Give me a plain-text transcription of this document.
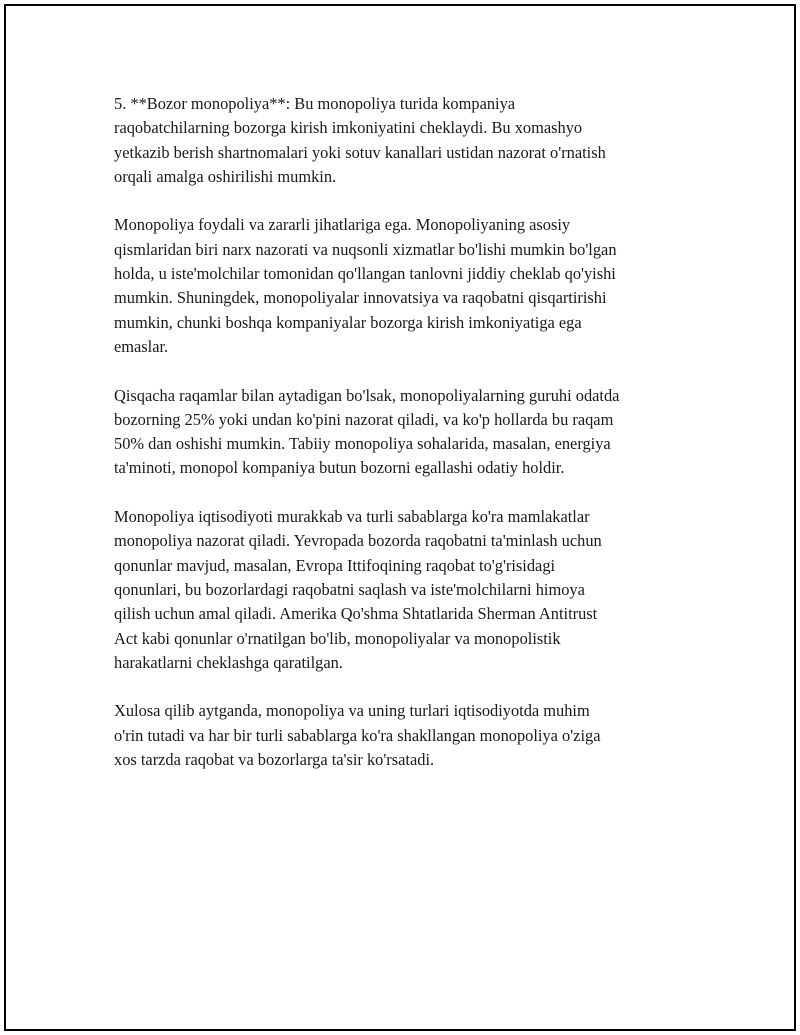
5. **Bozor monopoliya**: Bu monopoliya turida kompaniya
raqobatchilarning bozorga kirish imkoniyatini cheklaydi. Bu xomashyo
yetkazib berish shartnomalari yoki sotuv kanallari ustidan nazorat o'rnatish
orqali amalga oshirilishi mumkin.

Monopoliya foydali va zararli jihatlariga ega. Monopoliyaning asosiy
qismlaridan biri narx nazorati va nuqsonli xizmatlar bo'lishi mumkin bo'lgan
holda, u iste'molchilar tomonidan qo'llangan tanlovni jiddiy cheklab qo'yishi
mumkin. Shuningdek, monopoliyalar innovatsiya va raqobatni qisqartirishi
mumkin, chunki boshqa kompaniyalar bozorga kirish imkoniyatiga ega
emaslar.

Qisqacha raqamlar bilan aytadigan bo'lsak, monopoliyalarning guruhi odatda
bozorning 25% yoki undan ko'pini nazorat qiladi, va ko'p hollarda bu raqam
50% dan oshishi mumkin. Tabiiy monopoliya sohalarida, masalan, energiya
ta'minoti, monopol kompaniya butun bozorni egallashi odatiy holdir.

Monopoliya iqtisodiyoti murakkab va turli sabablarga ko'ra mamlakatlar
monopoliya nazorat qiladi. Yevropada bozorda raqobatni ta'minlash uchun
qonunlar mavjud, masalan, Evropa Ittifoqining raqobat to'g'risidagi
qonunlari, bu bozorlardagi raqobatni saqlash va iste'molchilarni himoya
qilish uchun amal qiladi. Amerika Qo'shma Shtatlarida Sherman Antitrust
Act kabi qonunlar o'rnatilgan bo'lib, monopoliyalar va monopolistik
harakatlarni cheklashga qaratilgan.

Xulosa qilib aytganda, monopoliya va uning turlari iqtisodiyotda muhim
o'rin tutadi va har bir turli sabablarga ko'ra shakllangan monopoliya o'ziga
xos tarzda raqobat va bozorlarga ta'sir ko'rsatadi.
